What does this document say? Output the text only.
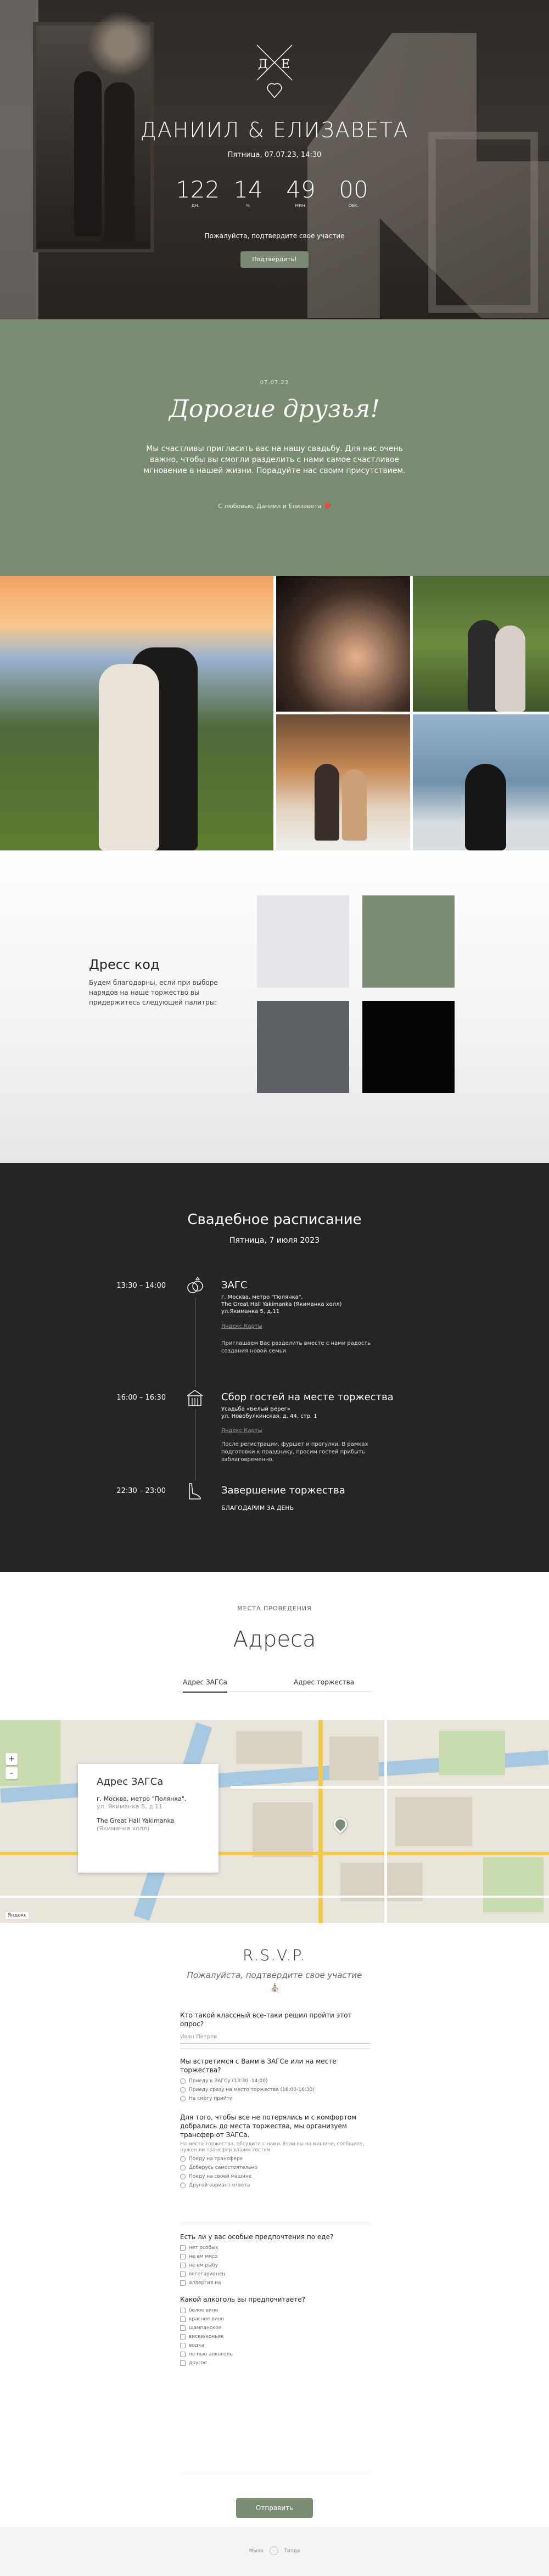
Д Е
ДАНИИЛ & ЕЛИЗАВЕТА
Пятница, 07.07.23, 14:30
122
дн.
14
ч.
49
мин.
00
сек.
Пожалуйста, подтвердите свое участие
Подтвердить!
07.07.23
Дорогие друзья!
Мы счастливы пригласить вас на нашу свадьбу. Для нас очень важно, чтобы вы смогли разделить с нами самое счастливое мгновение в нашей жизни. Порадуйте нас своим присутствием.
С любовью, Даниил и Елизавета ❤️
Дресс код
Будем благодарны, если при выборе нарядов на наше торжество вы придержитесь следующей палитры:
Свадебное расписание
Пятница, 7 июля 2023
13:30 – 14:00	ЗАГС
г. Москва, метро "Полянка",
The Great Hall Yakimanka (Якиманка холл)
ул.Якиманка 5, д.11
Яндекс.Карты
Приглашаем Вас разделить вместе с нами радость создания новой семьи
16:00 – 16:30	Сбор гостей на месте торжества
Усадьба «Белый Берег»
ул. Новобулкинская, д. 44, стр. 1
Яндекс.Карты
После регистрации, фуршет и прогулки. В рамках подготовки к празднику, просим гостей прибыть заблаговременно.
22:30 – 23:00	Завершение торжества
БЛАГОДАРИМ ЗА ДЕНЬ
МЕСТА ПРОВЕДЕНИЯ
Адреса
Адрес ЗАГСа	Адрес торжества
+
–
Яндекс
Адрес ЗАГСа
г. Москва, метро "Полянка",
ул. Якиманка 5, д.11
The Great Hall Yakimanka
(Якиманка холл)
R.S.V.P.
Пожалуйста, подтвердите свое участие
⛪
Кто такой классный все-таки решил пройти этот опрос?
Иван Петров
Мы встретимся с Вами в ЗАГСе или на месте торжества?
Приеду к ЗАГСу (13:30 -14:00)
Приеду сразу на место торжества (16:00-16:30)
Не смогу прийти
Для того, чтобы все не потерялись и с комфортом добрались до места торжества, мы организуем трансфер от ЗАГСа.
На место торжества, обсудите с нами. Если вы на машине, сообщите, нужен ли трансфер вашим гостям
Поеду на трансфере
Доберусь самостоятельно
Поеду на своей машине
Другой вариант ответа
Есть ли у вас особые предпочтения по еде?
нет особых
не ем мясо
не ем рыбу
вегетарианец
аллергия на
Какой алкоголь вы предпочитаете?
белое вино
красное вино
шампанское
виски/коньяк
водка
не пью алкоголь
другое
Отправить
Мыло	Тилда
